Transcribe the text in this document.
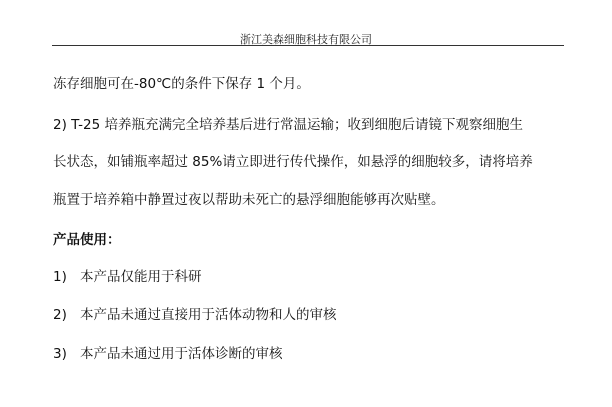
浙江美森细胞科技有限公司
冻存细胞可在-80℃的条件下保存 1 个月。
2) T-25 培养瓶充满完全培养基后进行常温运输；收到细胞后请镜下观察细胞生
长状态，如铺瓶率超过 85%请立即进行传代操作，如悬浮的细胞较多，请将培养
瓶置于培养箱中静置过夜以帮助未死亡的悬浮细胞能够再次贴壁。
产品使用：
1) 本产品仅能用于科研
2) 本产品未通过直接用于活体动物和人的审核
3) 本产品未通过用于活体诊断的审核
